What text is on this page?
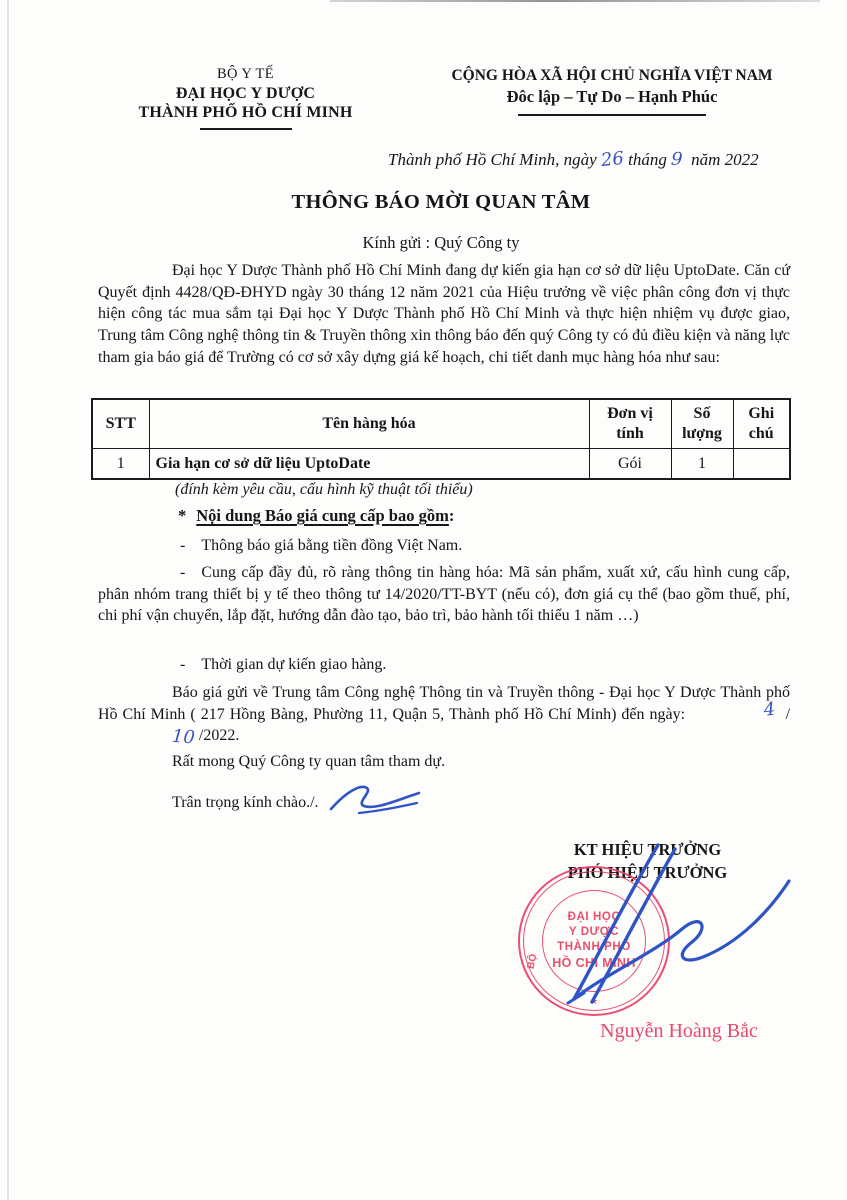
BỘ Y TẾ
ĐẠI HỌC Y DƯỢC
THÀNH PHỐ HỒ CHÍ MINH
CỘNG HÒA XÃ HỘI CHỦ NGHĨA VIỆT NAM
Đôc lập – Tự Do – Hạnh Phúc
Thành phố Hồ Chí Minh, ngày 26 tháng 9 năm 2022
THÔNG BÁO MỜI QUAN TÂM
Kính gửi : Quý Công ty
Đại học Y Dược Thành phố Hồ Chí Minh đang dự kiến gia hạn cơ sở dữ liệu UptoDate. Căn cứ Quyết định 4428/QĐ-ĐHYD ngày 30 tháng 12 năm 2021 của Hiệu trưởng về việc phân công đơn vị thực hiện công tác mua sắm tại Đại học Y Dược Thành phố Hồ Chí Minh và thực hiện nhiệm vụ được giao, Trung tâm Công nghệ thông tin & Truyền thông xin thông báo đến quý Công ty có đủ điều kiện và năng lực tham gia báo giá để Trường có cơ sở xây dựng giá kế hoạch, chi tiết danh mục hàng hóa như sau:
STT	Tên hàng hóa	Đơn vị tính	Số lượng	Ghi chú
1	Gia hạn cơ sở dữ liệu UptoDate	Gói	1	
(đính kèm yêu cầu, cấu hình kỹ thuật tối thiểu)
* Nội dung Báo giá cung cấp bao gồm:
- Thông báo giá bằng tiền đồng Việt Nam.
- Cung cấp đầy đủ, rõ ràng thông tin hàng hóa: Mã sản phẩm, xuất xứ, cấu hình cung cấp, phân nhóm trang thiết bị y tế theo thông tư 14/2020/TT-BYT (nếu có), đơn giá cụ thể (bao gồm thuế, phí, chi phí vận chuyển, lắp đặt, hướng dẫn đào tạo, bảo trì, bảo hành tối thiểu 1 năm …)
- Thời gian dự kiến giao hàng.
Báo giá gửi về Trung tâm Công nghệ Thông tin và Truyền thông - Đại học Y Dược Thành phố Hồ Chí Minh ( 217 Hồng Bàng, Phường 11, Quận 5, Thành phố Hồ Chí Minh) đến ngày:	4 / 10 /2022.
Rất mong Quý Công ty quan tâm tham dự.
Trân trọng kính chào./.
KT HIỆU TRƯỞNG
PHÓ HIỆU TRƯỞNG
ĐẠI HỌC
Y DƯỢC
THÀNH PHỐ
HỒ CHÍ MINH
BỘ
★
·······
Nguyễn Hoàng Bắc
